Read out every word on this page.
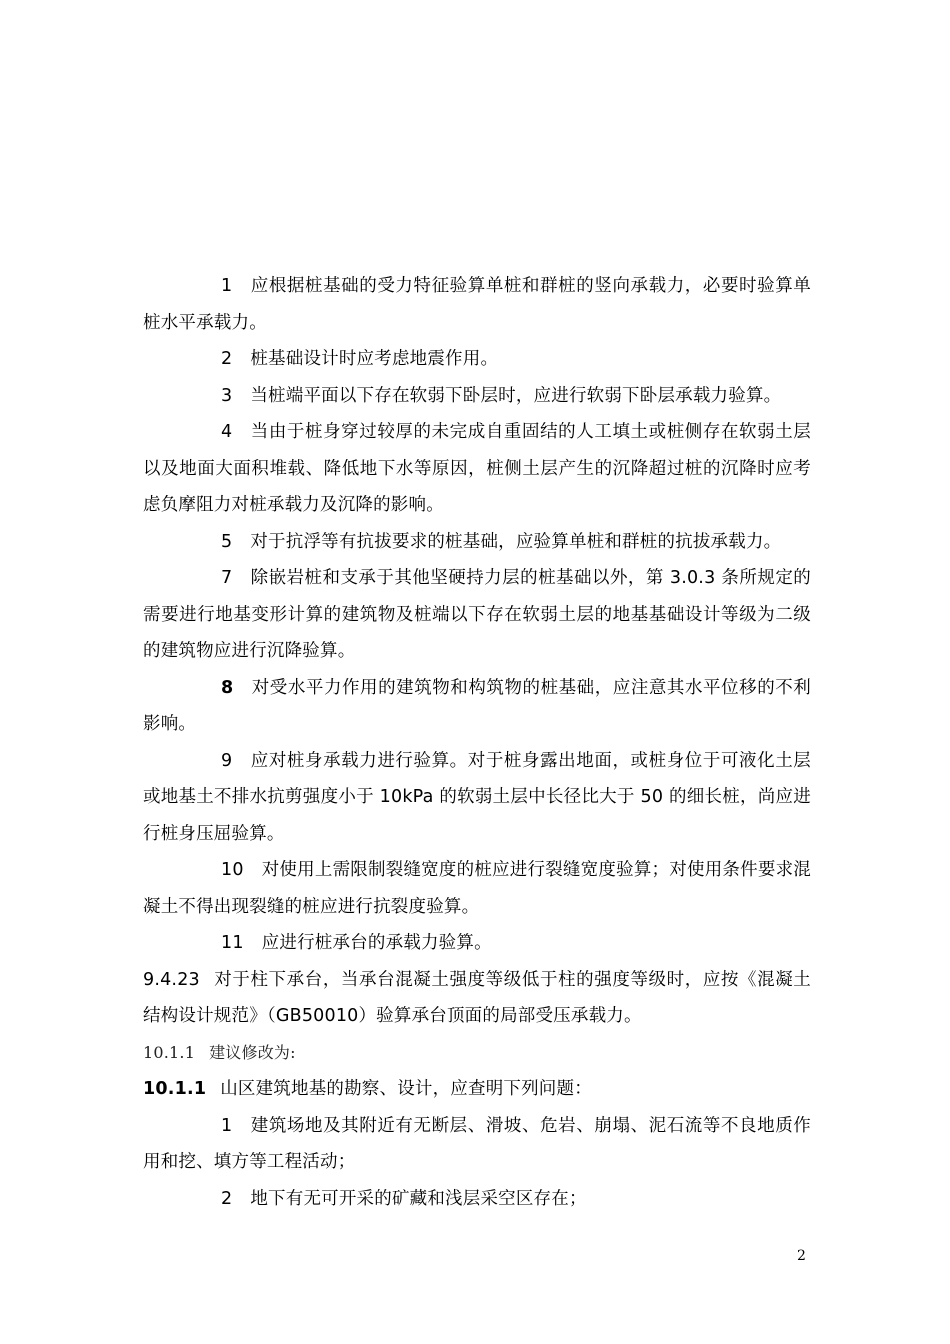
1 应根据桩基础的受力特征验算单桩和群桩的竖向承载力，必要时验算单桩水平承载力。

2 桩基础设计时应考虑地震作用。

3 当桩端平面以下存在软弱下卧层时，应进行软弱下卧层承载力验算。

4 当由于桩身穿过较厚的未完成自重固结的人工填土或桩侧存在软弱土层以及地面大面积堆载、降低地下水等原因，桩侧土层产生的沉降超过桩的沉降时应考虑负摩阻力对桩承载力及沉降的影响。

5 对于抗浮等有抗拔要求的桩基础，应验算单桩和群桩的抗拔承载力。

7 除嵌岩桩和支承于其他坚硬持力层的桩基础以外，第 3.0.3 条所规定的需要进行地基变形计算的建筑物及桩端以下存在软弱土层的地基基础设计等级为二级的建筑物应进行沉降验算。

8 对受水平力作用的建筑物和构筑物的桩基础，应注意其水平位移的不利影响。

9 应对桩身承载力进行验算。对于桩身露出地面，或桩身位于可液化土层或地基土不排水抗剪强度小于 10kPa 的软弱土层中长径比大于 50 的细长桩，尚应进行桩身压屈验算。

10 对使用上需限制裂缝宽度的桩应进行裂缝宽度验算；对使用条件要求混凝土不得出现裂缝的桩应进行抗裂度验算。

11 应进行桩承台的承载力验算。

9.4.23 对于柱下承台，当承台混凝土强度等级低于柱的强度等级时，应按《混凝土结构设计规范》（GB50010）验算承台顶面的局部受压承载力。

10.1.1 建议修改为:

10.1.1 山区建筑地基的勘察、设计，应查明下列问题：

1 建筑场地及其附近有无断层、滑坡、危岩、崩塌、泥石流等不良地质作用和挖、填方等工程活动；

2 地下有无可开采的矿藏和浅层采空区存在；

2
